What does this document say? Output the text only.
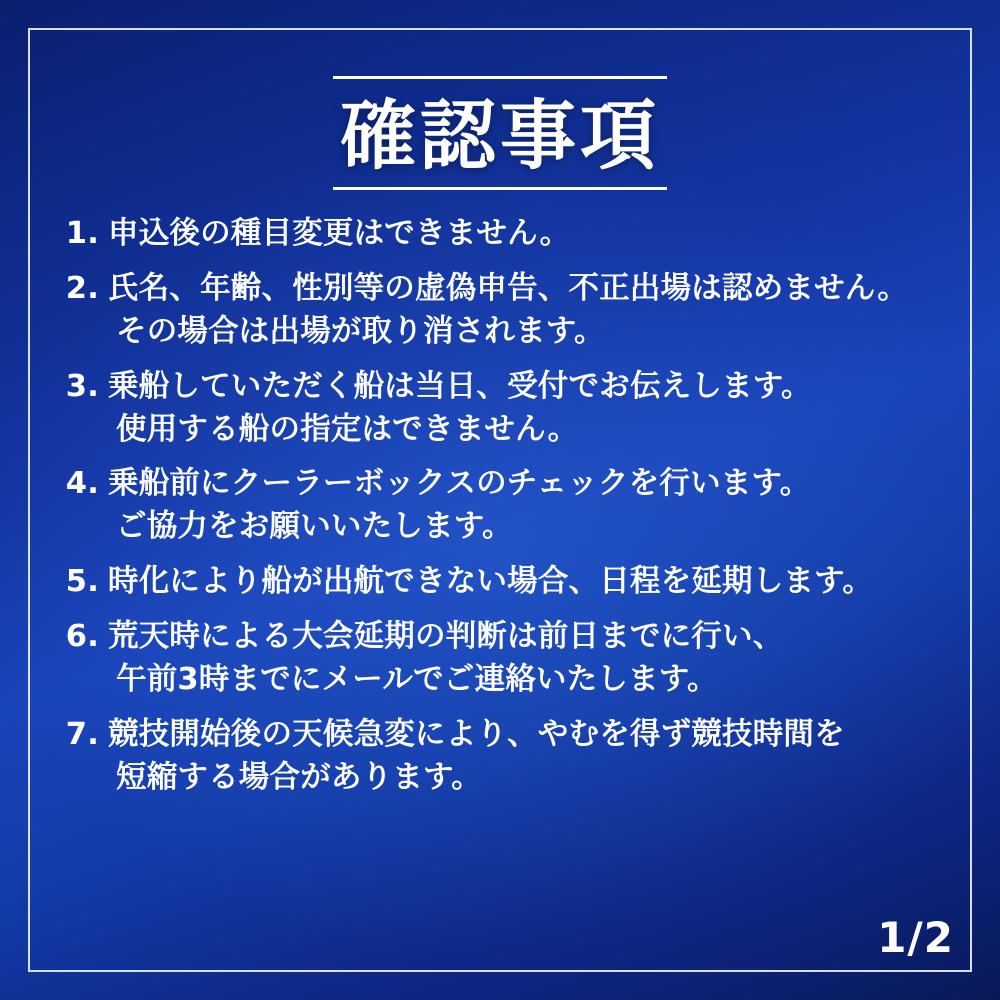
確認事項
1. 申込後の種目変更はできません。
2. 氏名、年齢、性別等の虚偽申告、不正出場は認めません。
その場合は出場が取り消されます。
3. 乗船していただく船は当日、受付でお伝えします。
使用する船の指定はできません。
4. 乗船前にクーラーボックスのチェックを行います。
ご協力をお願いいたします。
5. 時化により船が出航できない場合、日程を延期します。
6. 荒天時による大会延期の判断は前日までに行い、
午前3時までにメールでご連絡いたします。
7. 競技開始後の天候急変により、やむを得ず競技時間を
短縮する場合があります。
1/2
